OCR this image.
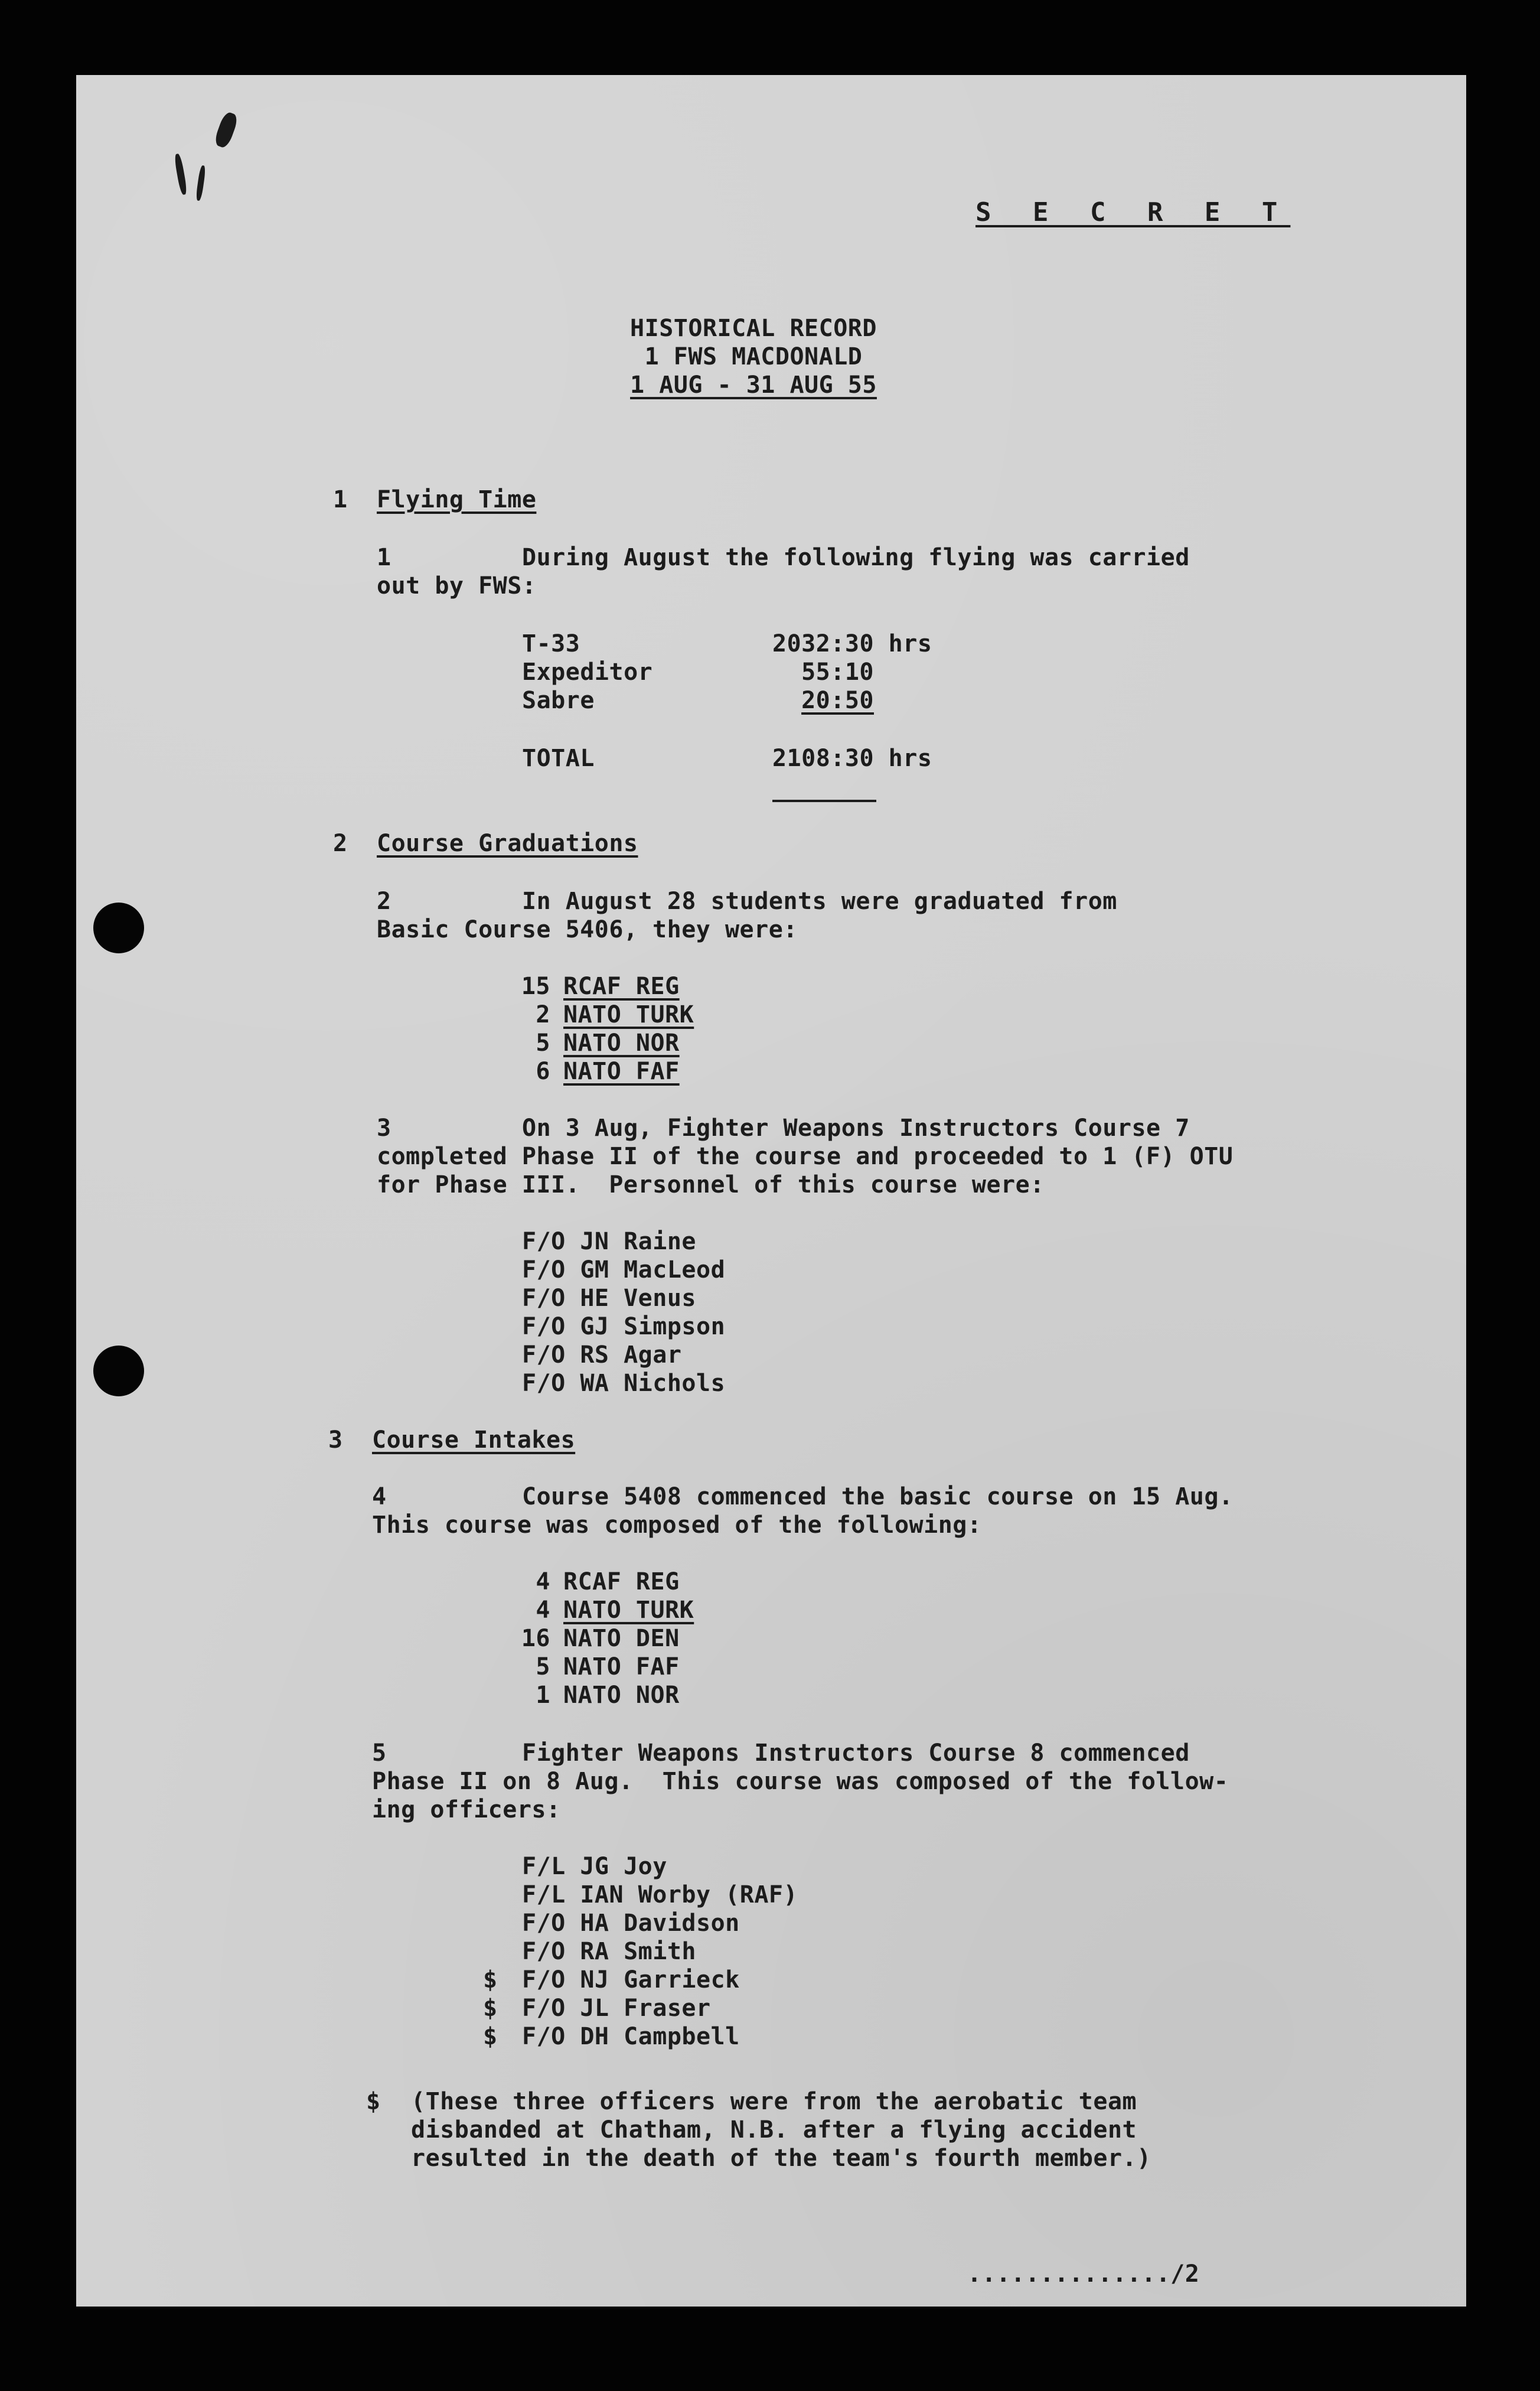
S E C R E T
HISTORICAL RECORD
1 FWS MACDONALD
1 AUG - 31 AUG 55
1 Flying Time
1	During August the following flying was carried
out by FWS:
T-33	2032:30 hrs
Expeditor	55:10
Sabre	20:50
TOTAL	2108:30 hrs
2 Course Graduations
2	In August 28 students were graduated from
Basic Course 5406, they were:
15 RCAF REG
2 NATO TURK
5 NATO NOR
6 NATO FAF
3	On 3 Aug, Fighter Weapons Instructors Course 7
completed Phase II of the course and proceeded to 1 (F) OTU
for Phase III.  Personnel of this course were:
F/O JN Raine
F/O GM MacLeod
F/O HE Venus
F/O GJ Simpson
F/O RS Agar
F/O WA Nichols
3 Course Intakes
4	Course 5408 commenced the basic course on 15 Aug.
This course was composed of the following:
4 RCAF REG
4 NATO TURK
16 NATO DEN
5 NATO FAF
1 NATO NOR
5	Fighter Weapons Instructors Course 8 commenced
Phase II on 8 Aug.  This course was composed of the follow-
ing officers:
F/L JG Joy
F/L IAN Worby (RAF)
F/O HA Davidson
F/O RA Smith
$ F/O NJ Garrieck
$ F/O JL Fraser
$ F/O DH Campbell
$ (These three officers were from the aerobatic team
disbanded at Chatham, N.B. after a flying accident
resulted in the death of the team's fourth member.)
............../2
